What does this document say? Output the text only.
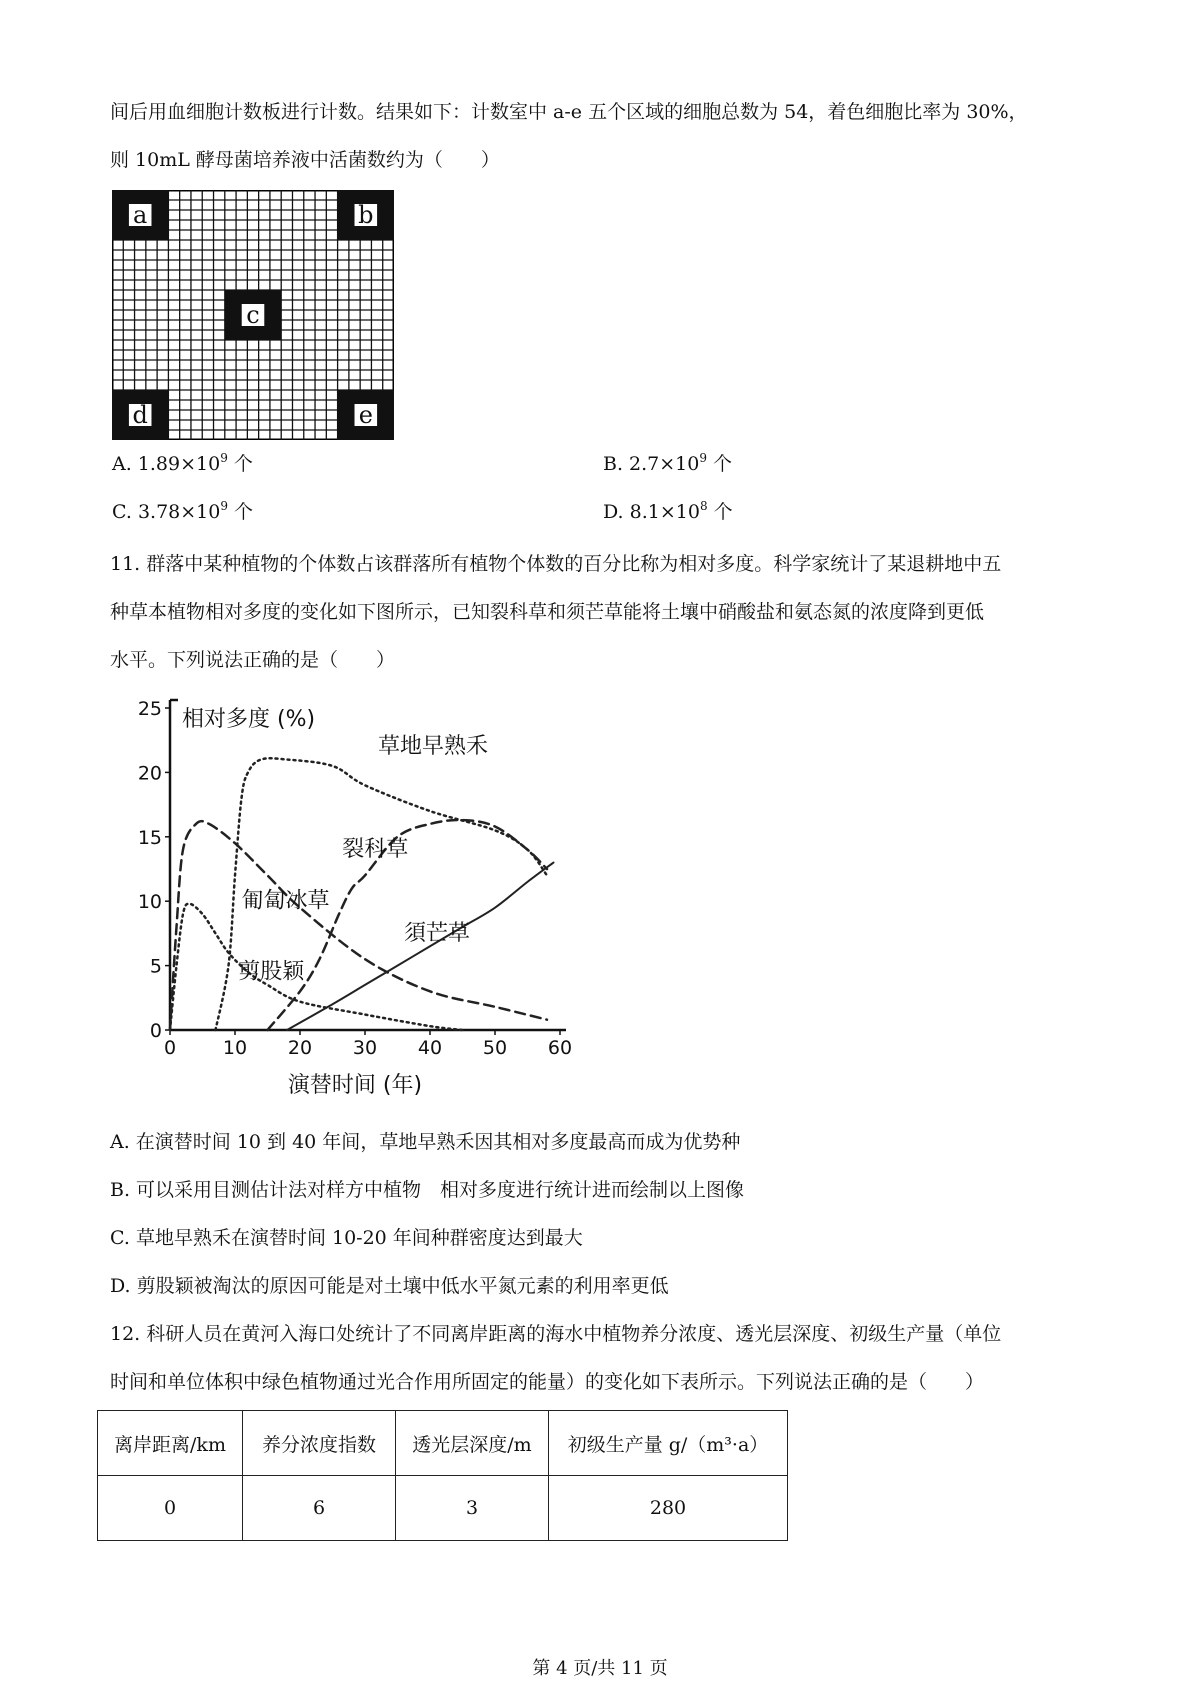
间后用血细胞计数板进行计数。结果如下：计数室中 a-e 五个区域的细胞总数为 54，着色细胞比率为 30%，
则 10mL 酵母菌培养液中活菌数约为（　　）
a	b
c
d	e
A. $1.89\times 10^9$ 个	B. $2.7\times 10^9$ 个
C. $3.78\times 10^9$ 个	D. $8.1\times 10^8$ 个
11. 群落中某种植物的个体数占该群落所有植物个体数的百分比称为相对多度。科学家统计了某退耕地中五
种草本植物相对多度的变化如下图所示，已知裂科草和须芒草能将土壤中硝酸盐和氨态氮的浓度降到更低
水平。下列说法正确的是（　　）
0
5
10
15
20
25
0 10 20 30 40 50 60
相对多度 (%)
演替时间 (年)
草地早熟禾
裂科草
須芒草
匍匐冰草
剪股颖
A. 在演替时间 10 到 40 年间，草地早熟禾因其相对多度最高而成为优势种
B. 可以采用目测估计法对样方中植物　相对多度进行统计进而绘制以上图像
C. 草地早熟禾在演替时间 10-20 年间种群密度达到最大
D. 剪股颖被淘汰的原因可能是对土壤中低水平氮元素的利用率更低
12. 科研人员在黄河入海口处统计了不同离岸距离的海水中植物养分浓度、透光层深度、初级生产量（单位
时间和单位体积中绿色植物通过光合作用所固定的能量）的变化如下表所示。下列说法正确的是（　　）
离岸距离/km	养分浓度指数	透光层深度/m	初级生产量 g/（m³·a）
0	6	3	280
第 4 页/共 11 页
